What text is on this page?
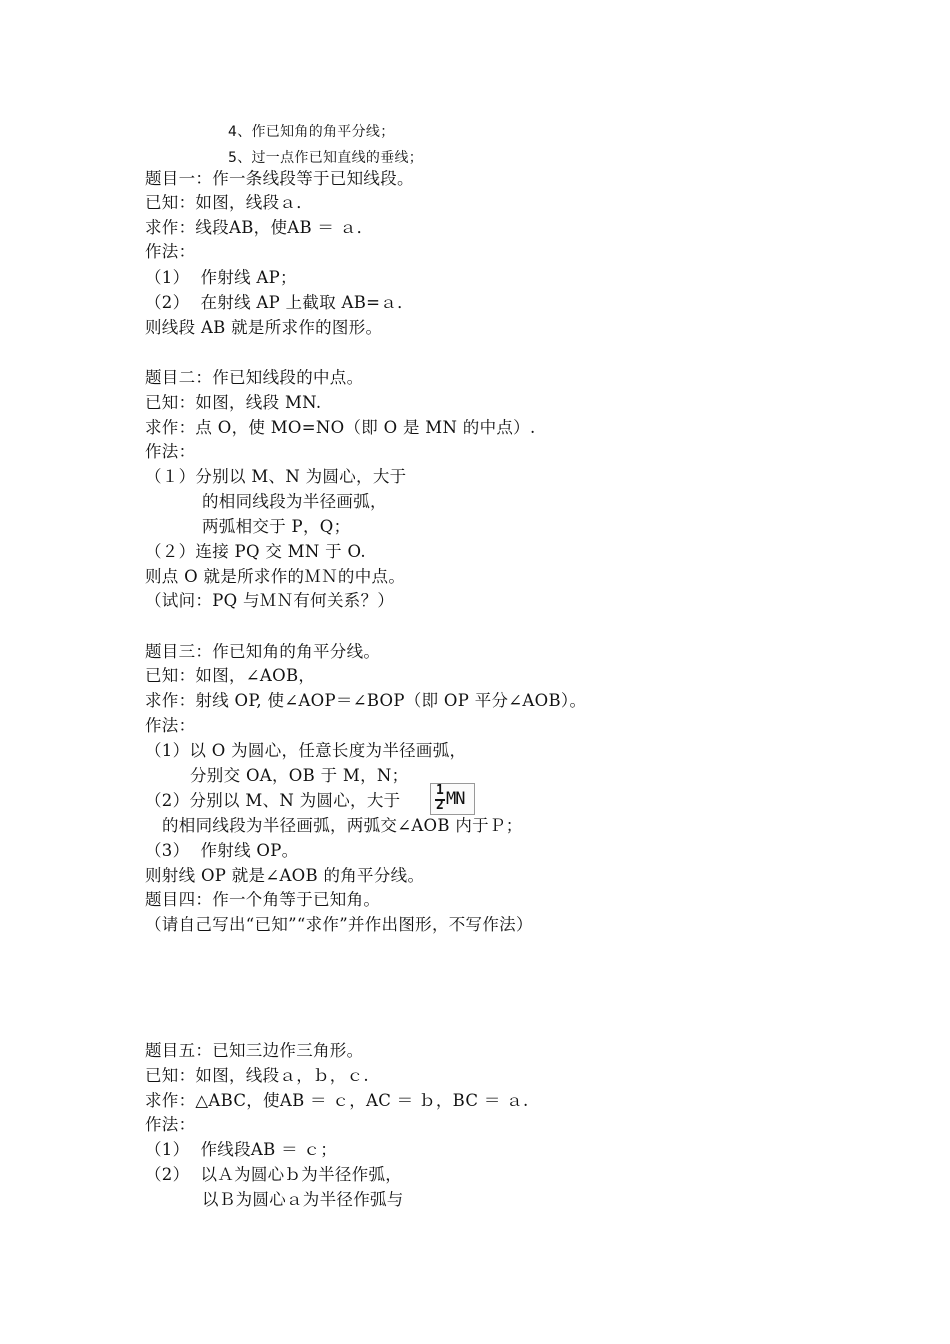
4、作已知角的角平分线；
5、过一点作已知直线的垂线；
题目一：作一条线段等于已知线段。
已知：如图，线段ａ．
求作：线段AB，使AB ＝ ａ．
作法：
（1）  作射线 AP；
（2）  在射线 AP 上截取 AB=ａ．
则线段 AB 就是所求作的图形。
题目二：作已知线段的中点。
已知：如图，线段 MN.
求作：点 O，使 MO=NO（即 O 是 MN 的中点）.
作法：
（１）分别以 M、N 为圆心，大于
的相同线段为半径画弧，
两弧相交于 P，Q；
（２）连接 PQ 交 MN 于 O.
则点 O 就是所求作的ＭＮ的中点。
（试问：PQ 与ＭＮ有何关系？）
题目三：作已知角的角平分线。
已知：如图，∠AOB，
求作：射线 OP, 使∠AOP＝∠BOP（即 OP 平分∠AOB）。
作法：
（1）以 O 为圆心，任意长度为半径画弧，
分别交 OA，OB 于 M，N；
（2）分别以 M、N 为圆心，大于
1
2 MN
的相同线段为半径画弧，两弧交∠AOB 内于Ｐ；
（3）  作射线 OP。
则射线 OP 就是∠AOB 的角平分线。
题目四：作一个角等于已知角。
（请自己写出“已知”“求作”并作出图形，不写作法）
题目五：已知三边作三角形。
已知：如图，线段ａ，ｂ，ｃ.
求作：△ABC，使AB ＝ ｃ，AC ＝ ｂ，BC ＝ ａ.
作法：
（1）  作线段AB ＝ ｃ；
（2）  以Ａ为圆心ｂ为半径作弧，
以Ｂ为圆心ａ为半径作弧与
